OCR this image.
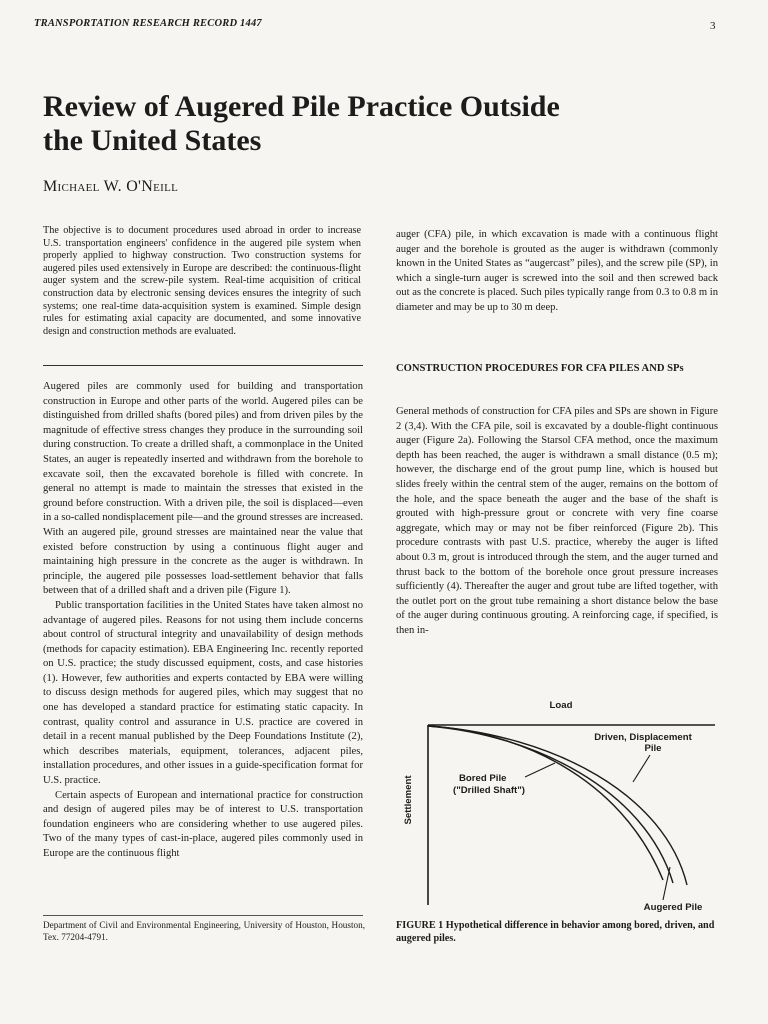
TRANSPORTATION RESEARCH RECORD 1447	3
Review of Augered Pile Practice Outside the United States
Michael W. O'Neill

The objective is to document procedures used abroad in order to increase U.S. transportation engineers' confidence in the augered pile system when properly applied to highway construction. Two construction systems for augered piles used extensively in Europe are described: the continuous-flight auger system and the screw-pile system. Real-time acquisition of critical construction data by electronic sensing devices ensures the integrity of such systems; one real-time data-acquisition system is examined. Simple design rules for estimating axial capacity are documented, and some innovative design and construction methods are evaluated.

Augered piles are commonly used for building and transportation construction in Europe and other parts of the world. Augered piles can be distinguished from drilled shafts (bored piles) and from driven piles by the magnitude of effective stress changes they produce in the surrounding soil during construction. To create a drilled shaft, a commonplace in the United States, an auger is repeatedly inserted and withdrawn from the borehole to excavate soil, then the excavated borehole is filled with concrete. In general no attempt is made to maintain the stresses that existed in the ground before construction. With a driven pile, the soil is displaced—even in a so-called nondisplacement pile—and the ground stresses are increased. With an augered pile, ground stresses are maintained near the value that existed before construction by using a continuous flight auger and maintaining high pressure in the concrete as the auger is withdrawn. In principle, the augered pile possesses load-settlement behavior that falls between that of a drilled shaft and a driven pile (Figure 1).

Public transportation facilities in the United States have taken almost no advantage of augered piles. Reasons for not using them include concerns about control of structural integrity and unavailability of design methods (methods for capacity estimation). EBA Engineering Inc. recently reported on U.S. practice; the study discussed equipment, costs, and case histories (1). However, few authorities and experts contacted by EBA were willing to discuss design methods for augered piles, which may suggest that no one has developed a standard practice for estimating static capacity. In contrast, quality control and assurance in U.S. practice are covered in detail in a recent manual published by the Deep Foundations Institute (2), which describes materials, equipment, tolerances, adjacent piles, installation procedures, and other issues in a guide-specification format for U.S. practice.

Certain aspects of European and international practice for construction and design of augered piles may be of interest to U.S. transportation foundation engineers who are considering whether to use augered piles. Two of the many types of cast-in-place, augered piles commonly used in Europe are the continuous flight

auger (CFA) pile, in which excavation is made with a continuous flight auger and the borehole is grouted as the auger is withdrawn (commonly known in the United States as “augercast” piles), and the screw pile (SP), in which a single-turn auger is screwed into the soil and then screwed back out as the concrete is placed. Such piles typically range from 0.3 to 0.8 m in diameter and may be up to 30 m deep.

CONSTRUCTION PROCEDURES FOR CFA PILES AND SPs

General methods of construction for CFA piles and SPs are shown in Figure 2 (3,4). With the CFA pile, soil is excavated by a double-flight continuous auger (Figure 2a). Following the Starsol CFA method, once the maximum depth has been reached, the auger is withdrawn a small distance (0.5 m); however, the discharge end of the grout pump line, which is housed but slides freely within the central stem of the auger, remains on the bottom of the hole, and the space beneath the auger and the base of the shaft is grouted with high-pressure grout or concrete with very fine coarse aggregate, which may or may not be fiber reinforced (Figure 2b). This procedure contrasts with past U.S. practice, whereby the auger is lifted about 0.3 m, grout is introduced through the stem, and the auger turned and thrust back to the bottom of the borehole once grout pressure increases sufficiently (4). Thereafter the auger and grout tube are lifted together, with the outlet port on the grout tube remaining a short distance below the base of the auger during continuous grouting. A reinforcing cage, if specified, is then in-

Load
Settlement
Driven, Displacement
Pile
Bored Pile
("Drilled Shaft")
Augered Pile

FIGURE 1 Hypothetical difference in behavior among bored, driven, and augered piles.

Department of Civil and Environmental Engineering, University of Houston, Houston, Tex. 77204-4791.
